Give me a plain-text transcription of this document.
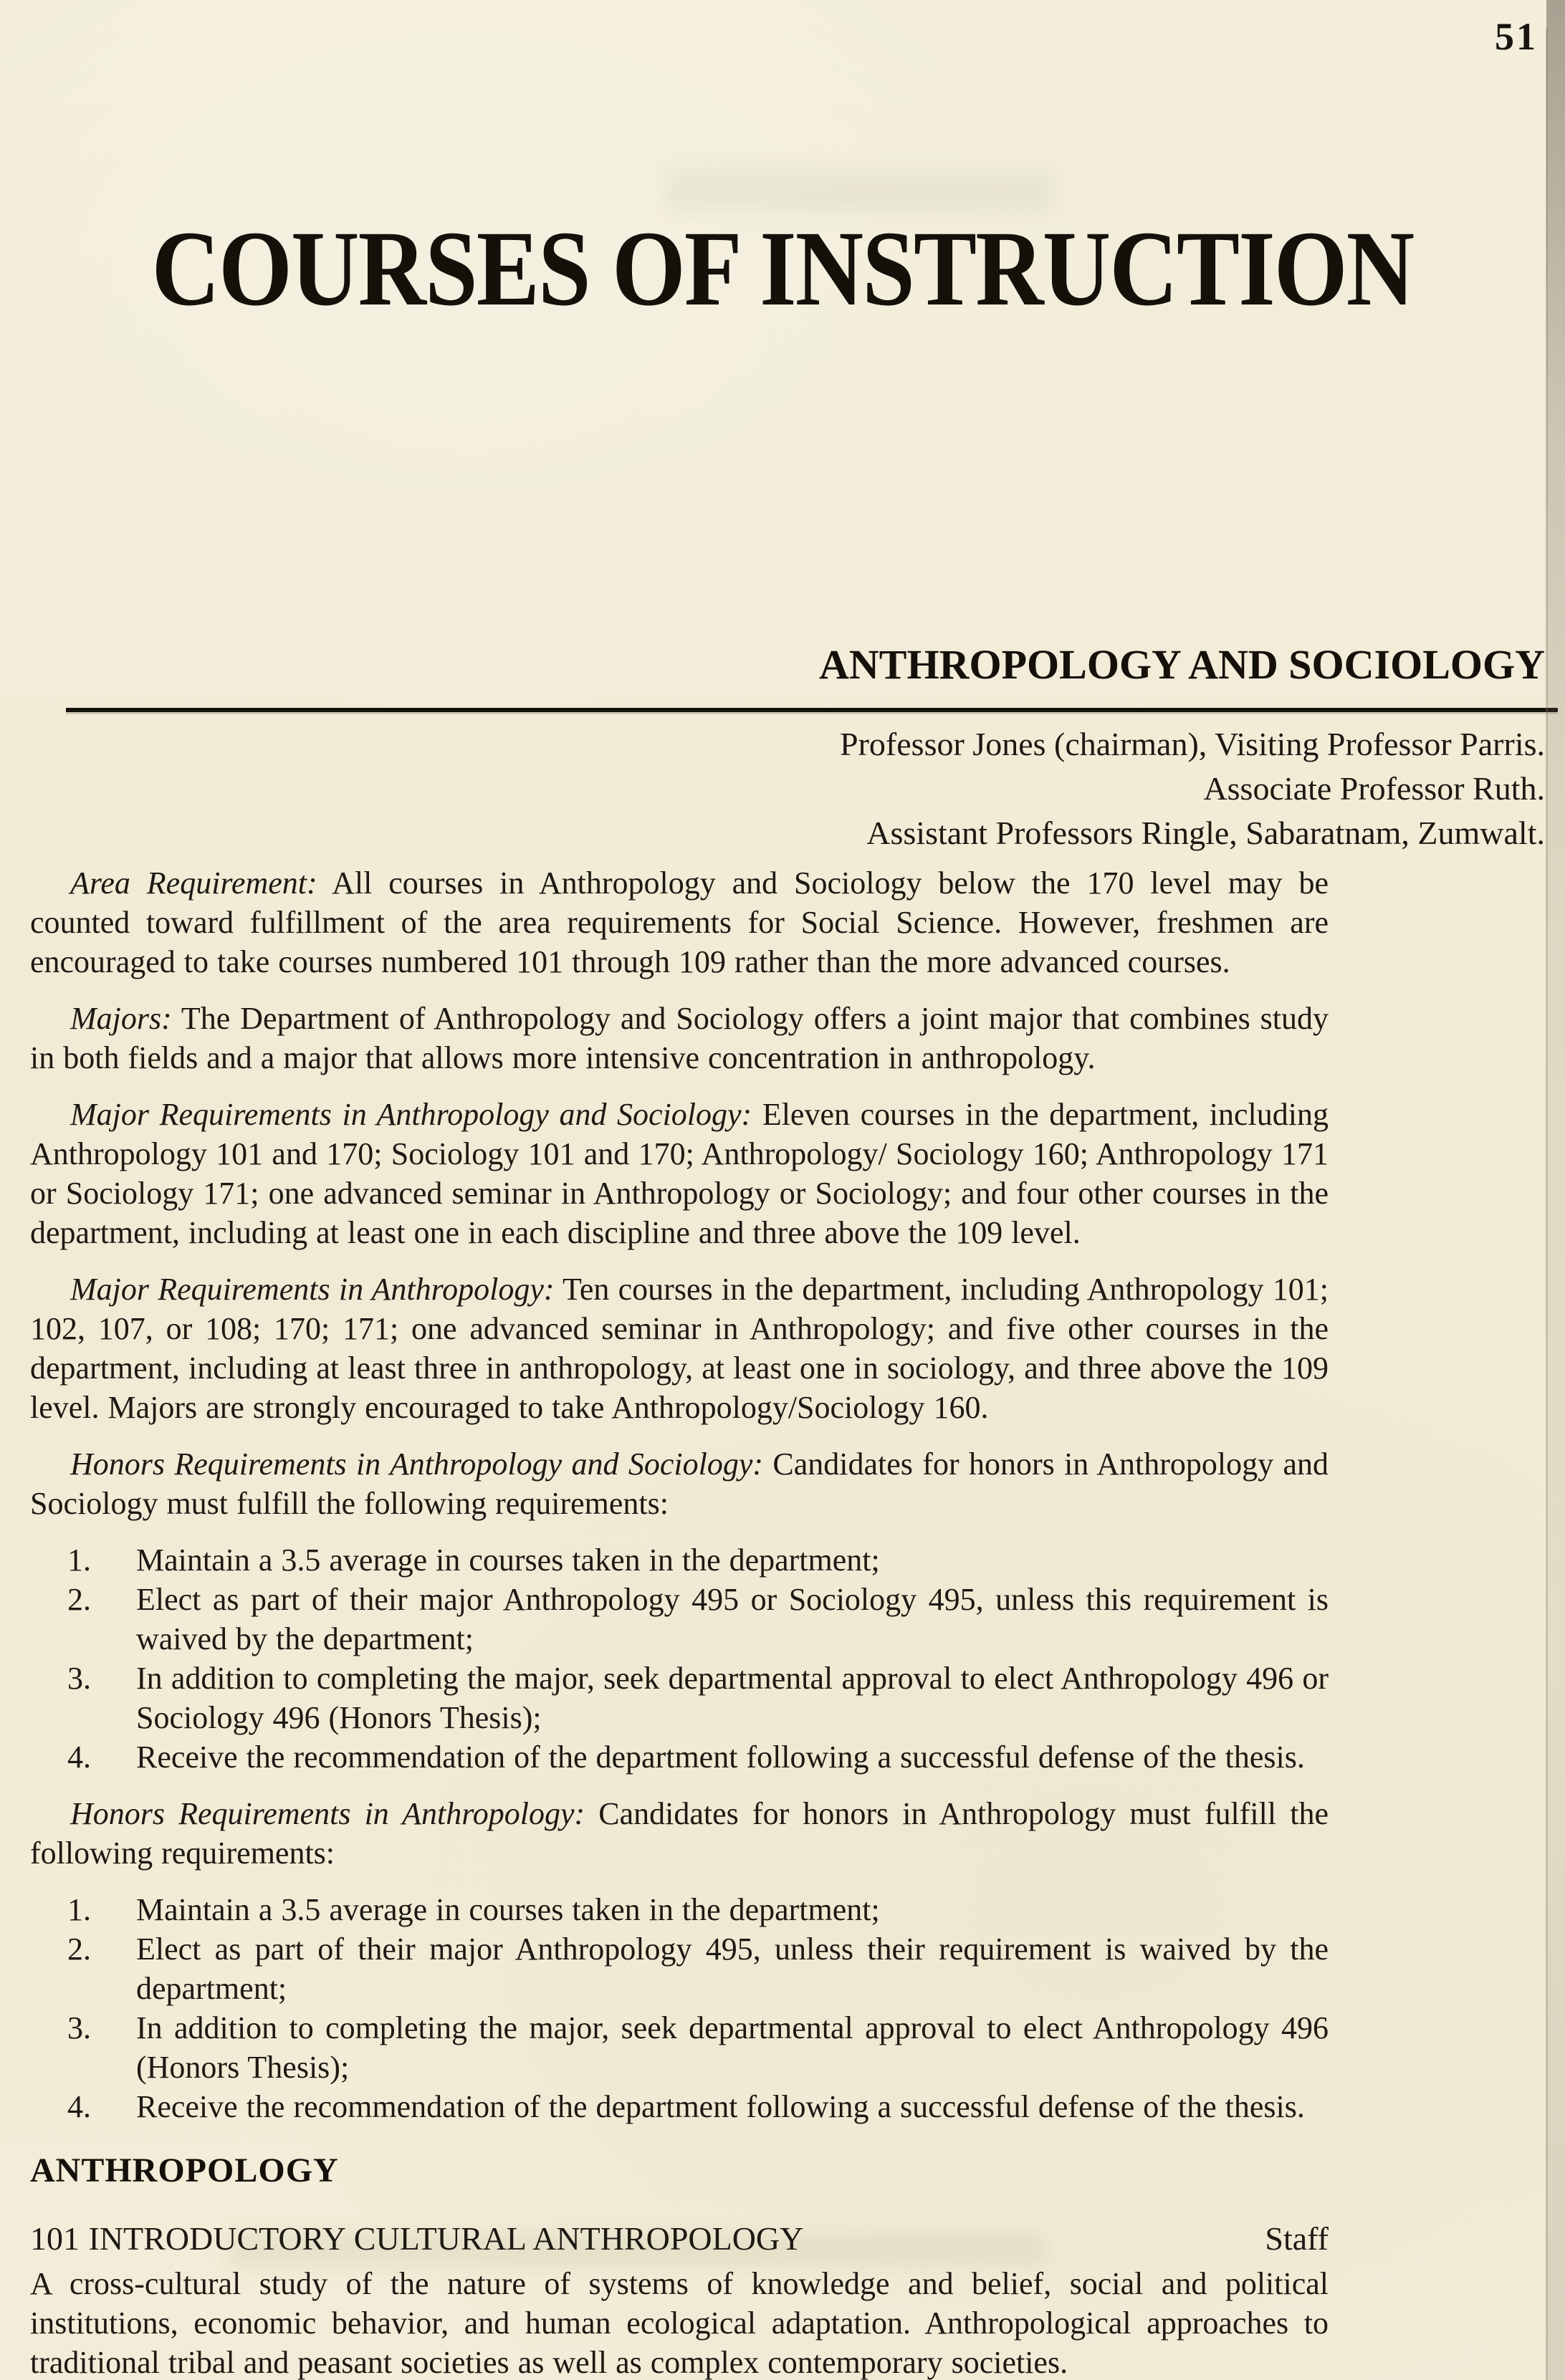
51
COURSES OF INSTRUCTION
ANTHROPOLOGY AND SOCIOLOGY
Professor Jones (chairman), Visiting Professor Parris.
Associate Professor Ruth.
Assistant Professors Ringle, Sabaratnam, Zumwalt.

Area Requirement: All courses in Anthropology and Sociology below the 170 level may be counted toward fulfillment of the area requirements for Social Science. However, freshmen are encouraged to take courses numbered 101 through 109 rather than the more advanced courses.

Majors: The Department of Anthropology and Sociology offers a joint major that combines study in both fields and a major that allows more intensive concentration in anthropology.

Major Requirements in Anthropology and Sociology: Eleven courses in the department, including Anthropology 101 and 170; Sociology 101 and 170; Anthropology/ Sociology 160; Anthropology 171 or Sociology 171; one advanced seminar in Anthropology or Sociology; and four other courses in the department, including at least one in each discipline and three above the 109 level.

Major Requirements in Anthropology: Ten courses in the department, including Anthropology 101; 102, 107, or 108; 170; 171; one advanced seminar in Anthropology; and five other courses in the department, including at least three in anthropology, at least one in sociology, and three above the 109 level. Majors are strongly encouraged to take Anthropology/Sociology 160.

Honors Requirements in Anthropology and Sociology: Candidates for honors in Anthropology and Sociology must fulfill the following requirements:

1. Maintain a 3.5 average in courses taken in the department;
2. Elect as part of their major Anthropology 495 or Sociology 495, unless this requirement is waived by the department;
3. In addition to completing the major, seek departmental approval to elect Anthropology 496 or Sociology 496 (Honors Thesis);
4. Receive the recommendation of the department following a successful defense of the thesis.

Honors Requirements in Anthropology: Candidates for honors in Anthropology must fulfill the following requirements:

1. Maintain a 3.5 average in courses taken in the department;
2. Elect as part of their major Anthropology 495, unless their requirement is waived by the department;
3. In addition to completing the major, seek departmental approval to elect Anthropology 496 (Honors Thesis);
4. Receive the recommendation of the department following a successful defense of the thesis.
ANTHROPOLOGY
101 INTRODUCTORY CULTURAL ANTHROPOLOGY	Staff

A cross-cultural study of the nature of systems of knowledge and belief, social and political institutions, economic behavior, and human ecological adaptation. Anthropological approaches to traditional tribal and peasant societies as well as complex contemporary societies.
